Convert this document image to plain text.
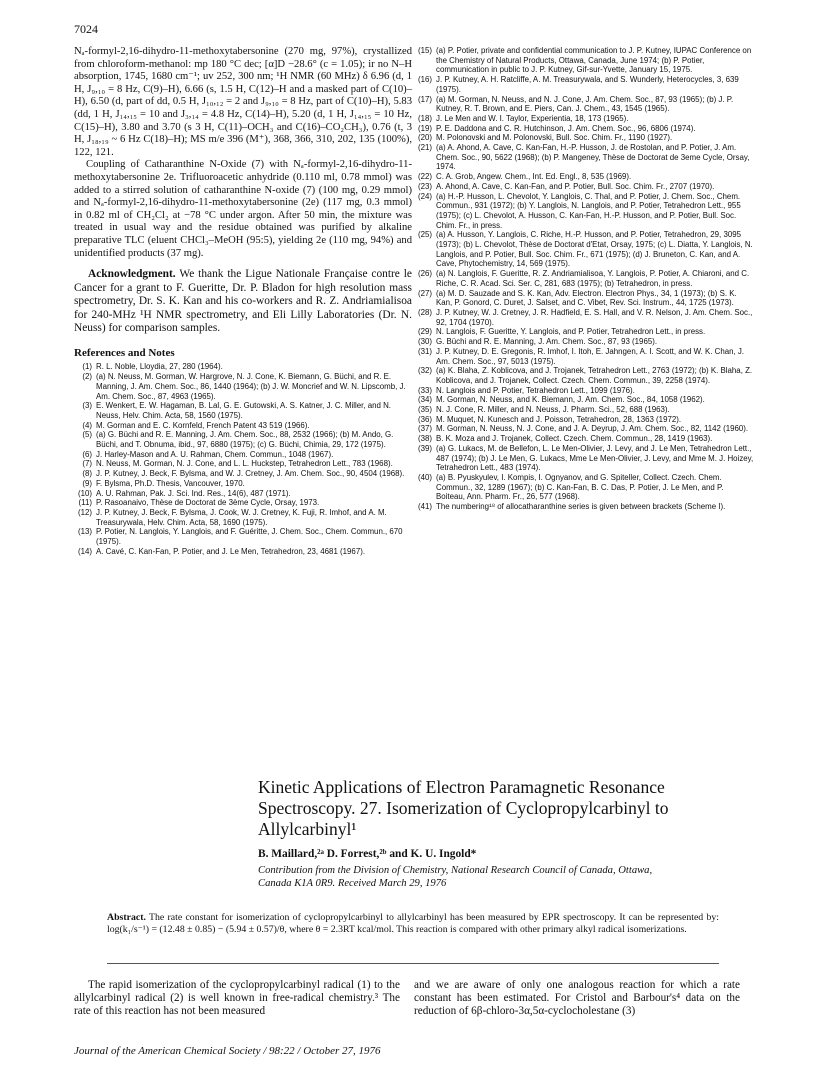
7024

Nₐ-formyl-2,16-dihydro-11-methoxytabersonine (270 mg, 97%), crystallized from chloroform-methanol: mp 180 °C dec; [α]D −28.6° (c = 1.05); ir no N–H absorption, 1745, 1680 cm⁻¹; uv 252, 300 nm; ¹H NMR (60 MHz) δ 6.96 (d, 1 H, J₉,₁₀ = 8 Hz, C(9)–H), 6.66 (s, 1.5 H, C(12)–H and a masked part of C(10)–H), 6.50 (d, part of dd, 0.5 H, J₁₀,₁₂ = 2 and J₉,₁₀ = 8 Hz, part of C(10)–H), 5.83 (dd, 1 H, J₁₄,₁₅ = 10 and J₃,₁₄ = 4.8 Hz, C(14)–H), 5.20 (d, 1 H, J₁₄,₁₅ = 10 Hz, C(15)–H), 3.80 and 3.70 (s 3 H, C(11)–OCH₃ and C(16)–CO₂CH₃), 0.76 (t, 3 H, J₁₈,₁₉ ~ 6 Hz C(18)–H); MS m/e 396 (M⁺), 368, 366, 310, 202, 135 (100%), 122, 121.

Coupling of Catharanthine N-Oxide (7) with Nₐ-formyl-2,16-dihydro-11-methoxytabersonine 2e. Trifluoroacetic anhydride (0.110 ml, 0.78 mmol) was added to a stirred solution of catharanthine N-oxide (7) (100 mg, 0.29 mmol) and Nₐ-formyl-2,16-dihydro-11-methoxytabersonine (2e) (117 mg, 0.3 mmol) in 0.82 ml of CH₂Cl₂ at −78 °C under argon. After 50 min, the mixture was treated in usual way and the residue obtained was purified by alkaline preparative TLC (eluent CHCl₃–MeOH (95:5), yielding 2e (110 mg, 94%) and unidentified products (37 mg).

Acknowledgment. We thank the Ligue Nationale Française contre le Cancer for a grant to F. Gueritte, Dr. P. Bladon for high resolution mass spectrometry, Dr. S. K. Kan and his co-workers and R. Z. Andriamialisoa for 240-MHz ¹H NMR spectrometry, and Eli Lilly Laboratories (Dr. N. Neuss) for comparison samples.

References and Notes
(1) R. L. Noble, Lloydia, 27, 280 (1964).
(2) (a) N. Neuss, M. Gorman, W. Hargrove, N. J. Cone, K. Biemann, G. Büchi, and R. E. Manning, J. Am. Chem. Soc., 86, 1440 (1964); (b) J. W. Moncrief and W. N. Lipscomb, J. Am. Chem. Soc., 87, 4963 (1965).
(3) E. Wenkert, E. W. Hagaman, B. Lal, G. E. Gutowski, A. S. Katner, J. C. Miller, and N. Neuss, Helv. Chim. Acta, 58, 1560 (1975).
(4) M. Gorman and E. C. Kornfeld, French Patent 43 519 (1966).
(5) (a) G. Büchi and R. E. Manning, J. Am. Chem. Soc., 88, 2532 (1966); (b) M. Ando, G. Büchi, and T. Obnuma, ibid., 97, 6880 (1975); (c) G. Büchi, Chimia, 29, 172 (1975).
(6) J. Harley-Mason and A. U. Rahman, Chem. Commun., 1048 (1967).
(7) N. Neuss, M. Gorman, N. J. Cone, and L. L. Huckstep, Tetrahedron Lett., 783 (1968).
(8) J. P. Kutney, J. Beck, F. Bylsma, and W. J. Cretney, J. Am. Chem. Soc., 90, 4504 (1968).
(9) F. Bylsma, Ph.D. Thesis, Vancouver, 1970.
(10) A. U. Rahman, Pak. J. Sci. Ind. Res., 14(6), 487 (1971).
(11) P. Rasoanaivo, Thèse de Doctorat de 3ème Cycle, Orsay, 1973.
(12) J. P. Kutney, J. Beck, F. Bylsma, J. Cook, W. J. Cretney, K. Fuji, R. Imhof, and A. M. Treasurywala, Helv. Chim. Acta, 58, 1690 (1975).
(13) P. Potier, N. Langlois, Y. Langlois, and F. Guéritte, J. Chem. Soc., Chem. Commun., 670 (1975).
(14) A. Cavé, C. Kan-Fan, P. Potier, and J. Le Men, Tetrahedron, 23, 4681 (1967).
(15) (a) P. Potier, private and confidential communication to J. P. Kutney, IUPAC Conference on the Chemistry of Natural Products, Ottawa, Canada, June 1974; (b) P. Potier, communication in public to J. P. Kutney, Gif-sur-Yvette, January 15, 1975.
(16) J. P. Kutney, A. H. Ratcliffe, A. M. Treasurywala, and S. Wunderly, Heterocycles, 3, 639 (1975).
(17) (a) M. Gorman, N. Neuss, and N. J. Cone, J. Am. Chem. Soc., 87, 93 (1965); (b) J. P. Kutney, R. T. Brown, and E. Piers, Can. J. Chem., 43, 1545 (1965).
(18) J. Le Men and W. I. Taylor, Experientia, 18, 173 (1965).
(19) P. E. Daddona and C. R. Hutchinson, J. Am. Chem. Soc., 96, 6806 (1974).
(20) M. Polonovski and M. Polonovski, Bull. Soc. Chim. Fr., 1190 (1927).
(21) (a) A. Ahond, A. Cave, C. Kan-Fan, H.-P. Husson, J. de Rostolan, and P. Potier, J. Am. Chem. Soc., 90, 5622 (1968); (b) P. Mangeney, Thèse de Doctorat de 3eme Cycle, Orsay, 1974.
(22) C. A. Grob, Angew. Chem., Int. Ed. Engl., 8, 535 (1969).
(23) A. Ahond, A. Cave, C. Kan-Fan, and P. Potier, Bull. Soc. Chim. Fr., 2707 (1970).
(24) (a) H.-P. Husson, L. Chevolot, Y. Langlois, C. Thal, and P. Potier, J. Chem. Soc., Chem. Commun., 931 (1972); (b) Y. Langlois, N. Langlois, and P. Potier, Tetrahedron Lett., 955 (1975); (c) L. Chevolot, A. Husson, C. Kan-Fan, H.-P. Husson, and P. Potier, Bull. Soc. Chim. Fr., in press.
(25) (a) A. Husson, Y. Langlois, C. Riche, H.-P. Husson, and P. Potier, Tetrahedron, 29, 3095 (1973); (b) L. Chevolot, Thèse de Doctorat d'Etat, Orsay, 1975; (c) L. Diatta, Y. Langlois, N. Langlois, and P. Potier, Bull. Soc. Chim. Fr., 671 (1975); (d) J. Bruneton, C. Kan, and A. Cave, Phytochemistry, 14, 569 (1975).
(26) (a) N. Langlois, F. Gueritte, R. Z. Andriamialisoa, Y. Langlois, P. Potier, A. Chiaroni, and C. Riche, C. R. Acad. Sci. Ser. C, 281, 683 (1975); (b) Tetrahedron, in press.
(27) (a) M. D. Sauzade and S. K. Kan, Adv. Electron. Electron Phys., 34, 1 (1973); (b) S. K. Kan, P. Gonord, C. Duret, J. Salset, and C. Vibet, Rev. Sci. Instrum., 44, 1725 (1973).
(28) J. P. Kutney, W. J. Cretney, J. R. Hadfield, E. S. Hall, and V. R. Nelson, J. Am. Chem. Soc., 92, 1704 (1970).
(29) N. Langlois, F. Gueritte, Y. Langlois, and P. Potier, Tetrahedron Lett., in press.
(30) G. Büchi and R. E. Manning, J. Am. Chem. Soc., 87, 93 (1965).
(31) J. P. Kutney, D. E. Gregonis, R. Imhof, I. Itoh, E. Jahngen, A. I. Scott, and W. K. Chan, J. Am. Chem. Soc., 97, 5013 (1975).
(32) (a) K. Blaha, Z. Koblicova, and J. Trojanek, Tetrahedron Lett., 2763 (1972); (b) K. Blaha, Z. Koblicova, and J. Trojanek, Collect. Czech. Chem. Commun., 39, 2258 (1974).
(33) N. Langlois and P. Potier, Tetrahedron Lett., 1099 (1976).
(34) M. Gorman, N. Neuss, and K. Biemann, J. Am. Chem. Soc., 84, 1058 (1962).
(35) N. J. Cone, R. Miller, and N. Neuss, J. Pharm. Sci., 52, 688 (1963).
(36) M. Muquet, N. Kunesch and J. Poisson, Tetrahedron, 28, 1363 (1972).
(37) M. Gorman, N. Neuss, N. J. Cone, and J. A. Deyrup, J. Am. Chem. Soc., 82, 1142 (1960).
(38) B. K. Moza and J. Trojanek, Collect. Czech. Chem. Commun., 28, 1419 (1963).
(39) (a) G. Lukacs, M. de Bellefon, L. Le Men-Olivier, J. Levy, and J. Le Men, Tetrahedron Lett., 487 (1974); (b) J. Le Men, G. Lukacs, Mme Le Men-Olivier, J. Levy, and Mme M. J. Hoizey, Tetrahedron Lett., 483 (1974).
(40) (a) B. Pyuskyulev, I. Kompis, I. Ognyanov, and G. Spiteller, Collect. Czech. Chem. Commun., 32, 1289 (1967); (b) C. Kan-Fan, B. C. Das, P. Potier, J. Le Men, and P. Boiteau, Ann. Pharm. Fr., 26, 577 (1968).
(41) The numbering¹⁸ of allocatharanthine series is given between brackets (Scheme I).
Kinetic Applications of Electron Paramagnetic Resonance Spectroscopy. 27. Isomerization of Cyclopropylcarbinyl to Allylcarbinyl¹
B. Maillard,²ᵃ D. Forrest,²ᵇ and K. U. Ingold*
Contribution from the Division of Chemistry, National Research Council of Canada, Ottawa, Canada K1A 0R9. Received March 29, 1976
Abstract. The rate constant for isomerization of cyclopropylcarbinyl to allylcarbinyl has been measured by EPR spectroscopy. It can be represented by: log(k₁/s⁻¹) = (12.48 ± 0.85) − (5.94 ± 0.57)/θ, where θ = 2.3RT kcal/mol. This reaction is compared with other primary alkyl radical isomerizations.
The rapid isomerization of the cyclopropylcarbinyl radical (1) to the allylcarbinyl radical (2) is well known in free-radical chemistry.³ The rate of this reaction has not been measured
and we are aware of only one analogous reaction for which a rate constant has been estimated. For Cristol and Barbour's⁴ data on the reduction of 6β-chloro-3α,5α-cyclocholestane (3)
Journal of the American Chemical Society / 98:22 / October 27, 1976
